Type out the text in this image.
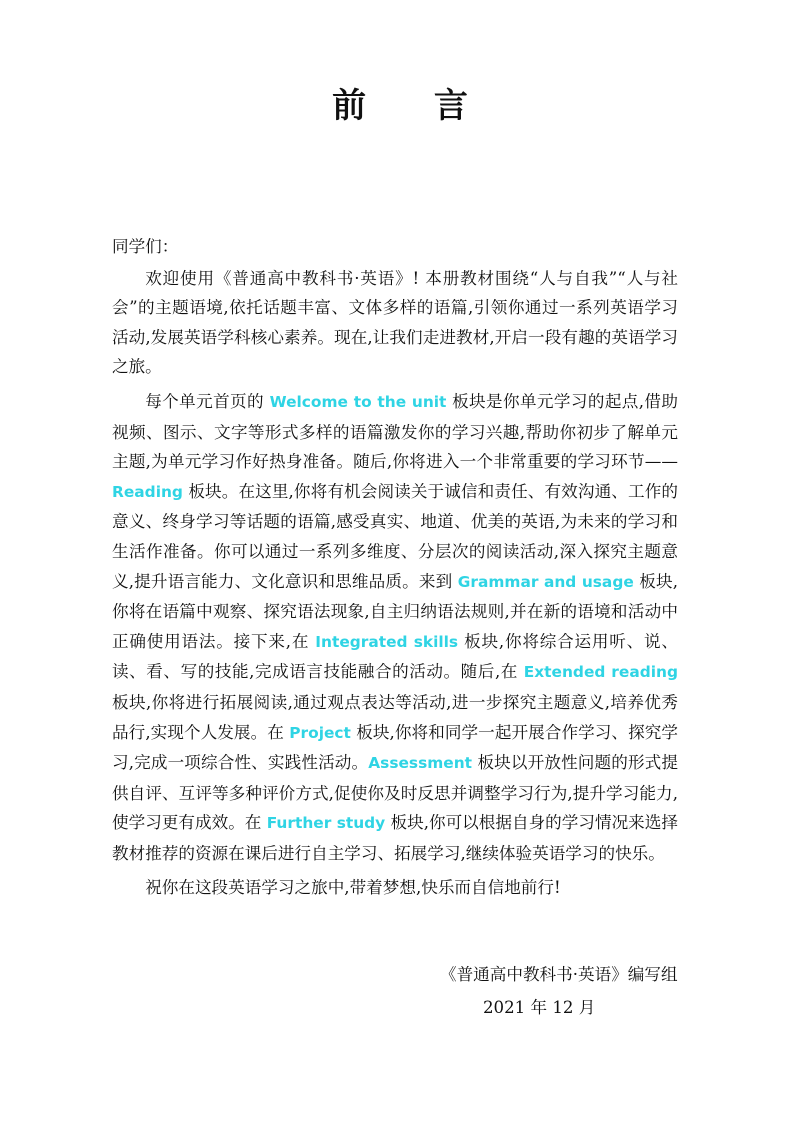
前 言

同学们：

欢迎使用《普通高中教科书·英语》! 本册教材围绕“人与自我”“人与社会”的主题语境,依托话题丰富、文体多样的语篇,引领你通过一系列英语学习活动,发展英语学科核心素养。现在,让我们走进教材,开启一段有趣的英语学习之旅。

每个单元首页的 Welcome to the unit 板块是你单元学习的起点,借助视频、图示、文字等形式多样的语篇激发你的学习兴趣,帮助你初步了解单元主题,为单元学习作好热身准备。随后,你将进入一个非常重要的学习环节—— Reading 板块。在这里,你将有机会阅读关于诚信和责任、有效沟通、工作的意义、终身学习等话题的语篇,感受真实、地道、优美的英语,为未来的学习和生活作准备。你可以通过一系列多维度、分层次的阅读活动,深入探究主题意义,提升语言能力、文化意识和思维品质。来到 Grammar and usage 板块,你将在语篇中观察、探究语法现象,自主归纳语法规则,并在新的语境和活动中正确使用语法。接下来,在 Integrated skills 板块,你将综合运用听、说、读、看、写的技能,完成语言技能融合的活动。随后,在 Extended reading 板块,你将进行拓展阅读,通过观点表达等活动,进一步探究主题意义,培养优秀品行,实现个人发展。在 Project 板块,你将和同学一起开展合作学习、探究学习,完成一项综合性、实践性活动。Assessment 板块以开放性问题的形式提供自评、互评等多种评价方式,促使你及时反思并调整学习行为,提升学习能力,使学习更有成效。在 Further study 板块,你可以根据自身的学习情况来选择教材推荐的资源在课后进行自主学习、拓展学习,继续体验英语学习的快乐。

祝你在这段英语学习之旅中,带着梦想,快乐而自信地前行!

《普通高中教科书·英语》编写组
2021 年 12 月
